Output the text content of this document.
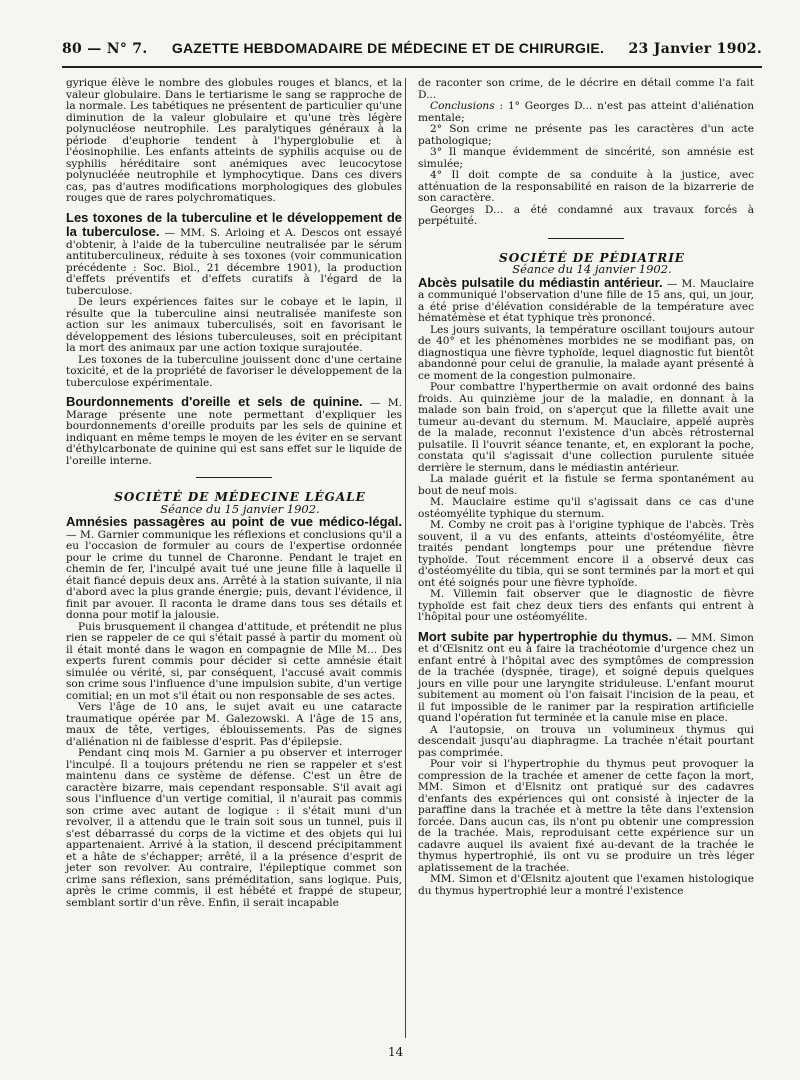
80 — N° 7. GAZETTE HEBDOMADAIRE DE MÉDECINE ET DE CHIRURGIE. 23 Janvier 1902.

gyrique élève le nombre des globules rouges et blancs, et la valeur globulaire. Dans le tertiarisme le sang se rapproche de la normale. Les tabétiques ne présentent de particulier qu'une diminution de la valeur globulaire et qu'une très légère polynucléose neutrophile. Les paralytiques généraux à la période d'euphorie tendent à l'hyperglobulie et à l'éosinophilie. Les enfants atteints de syphilis acquise ou de syphilis héréditaire sont anémiques avec leucocytose polynucléée neutrophile et lymphocytique. Dans ces divers cas, pas d'autres modifications morphologiques des globules rouges que de rares polychromatiques.

Les toxones de la tuberculine et le développement de la tuberculose. — MM. S. Arloing et A. Descos ont essayé d'obtenir, à l'aide de la tuberculine neutralisée par le sérum antituberculineux, réduite à ses toxones (voir communication précédente : Soc. Biol., 21 décembre 1901), la production d'effets préventifs et d'effets curatifs à l'égard de la tuberculose.

De leurs expériences faites sur le cobaye et le lapin, il résulte que la tuberculine ainsi neutralisée manifeste son action sur les animaux tuberculisés, soit en favorisant le développement des lésions tuberculeuses, soit en précipitant la mort des animaux par une action toxique surajoutée.

Les toxones de la tuberculine jouissent donc d'une certaine toxicité, et de la propriété de favoriser le développement de la tuberculose expérimentale.

Bourdonnements d'oreille et sels de quinine. — M. Marage présente une note permettant d'expliquer les bourdonnements d'oreille produits par les sels de quinine et indiquant en même temps le moyen de les éviter en se servant d'éthylcarbonate de quinine qui est sans effet sur le liquide de l'oreille interne.

SOCIÉTÉ DE MÉDECINE LÉGALE

Séance du 15 janvier 1902.

Amnésies passagères au point de vue médico-légal. — M. Garnier communique les réflexions et conclusions qu'il a eu l'occasion de formuler au cours de l'expertise ordonnée pour le crime du tunnel de Charonne. Pendant le trajet en chemin de fer, l'inculpé avait tué une jeune fille à laquelle il était fiancé depuis deux ans. Arrêté à la station suivante, il nia d'abord avec la plus grande énergie; puis, devant l'évidence, il finit par avouer. Il raconta le drame dans tous ses détails et donna pour motif la jalousie.

Puis brusquement il changea d'attitude, et prétendit ne plus rien se rappeler de ce qui s'était passé à partir du moment où il était monté dans le wagon en compagnie de Mlle M... Des experts furent commis pour décider si cette amnésie était simulée ou vérité, si, par conséquent, l'accusé avait commis son crime sous l'influence d'une impulsion subite, d'un vertige comitial; en un mot s'il était ou non responsable de ses actes.

Vers l'âge de 10 ans, le sujet avait eu une cataracte traumatique opérée par M. Galezowski. A l'âge de 15 ans, maux de tête, vertiges, éblouissements. Pas de signes d'aliénation ni de faiblesse d'esprit. Pas d'épilepsie.

Pendant cinq mois M. Garnier a pu observer et interroger l'inculpé. Il a toujours prétendu ne rien se rappeler et s'est maintenu dans ce système de défense. C'est un être de caractère bizarre, mais cependant responsable. S'il avait agi sous l'influence d'un vertige comitial, il n'aurait pas commis son crime avec autant de logique : il s'était muni d'un revolver, il a attendu que le train soit sous un tunnel, puis il s'est débarrassé du corps de la victime et des objets qui lui appartenaient. Arrivé à la station, il descend précipitamment et a hâte de s'échapper; arrêté, il a la présence d'esprit de jeter son revolver. Au contraire, l'épileptique commet son crime sans réflexion, sans préméditation, sans logique. Puis, après le crime commis, il est hébété et frappé de stupeur, semblant sortir d'un rêve. Enfin, il serait incapable

de raconter son crime, de le décrire en détail comme l'a fait D...

Conclusions : 1° Georges D... n'est pas atteint d'aliénation mentale;

2° Son crime ne présente pas les caractères d'un acte pathologique;

3° Il manque évidemment de sincérité, son amnésie est simulée;

4° Il doit compte de sa conduite à la justice, avec atténuation de la responsabilité en raison de la bizarrerie de son caractère.

Georges D... a été condamné aux travaux forcés à perpétuité.

SOCIÉTÉ DE PÉDIATRIE

Séance du 14 janvier 1902.

Abcès pulsatile du médiastin antérieur. — M. Mauclaire a communiqué l'observation d'une fille de 15 ans, qui, un jour, a été prise d'élévation considérable de la température avec hématémèse et état typhique très prononcé.

Les jours suivants, la température oscillant toujours autour de 40° et les phénomènes morbides ne se modifiant pas, on diagnostiqua une fièvre typhoïde, lequel diagnostic fut bientôt abandonné pour celui de granulie, la malade ayant présenté à ce moment de la congestion pulmonaire.

Pour combattre l'hyperthermie on avait ordonné des bains froids. Au quinzième jour de la maladie, en donnant à la malade son bain froid, on s'aperçut que la fillette avait une tumeur au-devant du sternum. M. Mauclaire, appelé auprès de la malade, reconnut l'existence d'un abcès rétrosternal pulsatile. Il l'ouvrit séance tenante, et, en explorant la poche, constata qu'il s'agissait d'une collection purulente située derrière le sternum, dans le médiastin antérieur.

La malade guérit et la fistule se ferma spontanément au bout de neuf mois.

M. Mauclaire estime qu'il s'agissait dans ce cas d'une ostéomyélite typhique du sternum.

M. Comby ne croit pas à l'origine typhique de l'abcès. Très souvent, il a vu des enfants, atteints d'ostéomyélite, être traités pendant longtemps pour une prétendue fièvre typhoïde. Tout récemment encore il a observé deux cas d'ostéomyélite du tibia, qui se sont terminés par la mort et qui ont été soignés pour une fièvre typhoïde.

M. Villemin fait observer que le diagnostic de fièvre typhoïde est fait chez deux tiers des enfants qui entrent à l'hôpital pour une ostéomyélite.

Mort subite par hypertrophie du thymus. — MM. Simon et d'Œlsnitz ont eu à faire la trachéotomie d'urgence chez un enfant entré à l'hôpital avec des symptômes de compression de la trachée (dyspnée, tirage), et soigné depuis quelques jours en ville pour une laryngite striduleuse. L'enfant mourut subitement au moment où l'on faisait l'incision de la peau, et il fut impossible de le ranimer par la respiration artificielle quand l'opération fut terminée et la canule mise en place.

A l'autopsie, on trouva un volumineux thymus qui descendait jusqu'au diaphragme. La trachée n'était pourtant pas comprimée.

Pour voir si l'hypertrophie du thymus peut provoquer la compression de la trachée et amener de cette façon la mort, MM. Simon et d'Elsnitz ont pratiqué sur des cadavres d'enfants des expériences qui ont consisté à injecter de la paraffine dans la trachée et à mettre la tête dans l'extension forcée. Dans aucun cas, ils n'ont pu obtenir une compression de la trachée. Mais, reproduisant cette expérience sur un cadavre auquel ils avaient fixé au-devant de la trachée le thymus hypertrophié, ils ont vu se produire un très léger aplatissement de la trachée.

MM. Simon et d'Œlsnitz ajoutent que l'examen histologique du thymus hypertrophié leur a montré l'existence

14
